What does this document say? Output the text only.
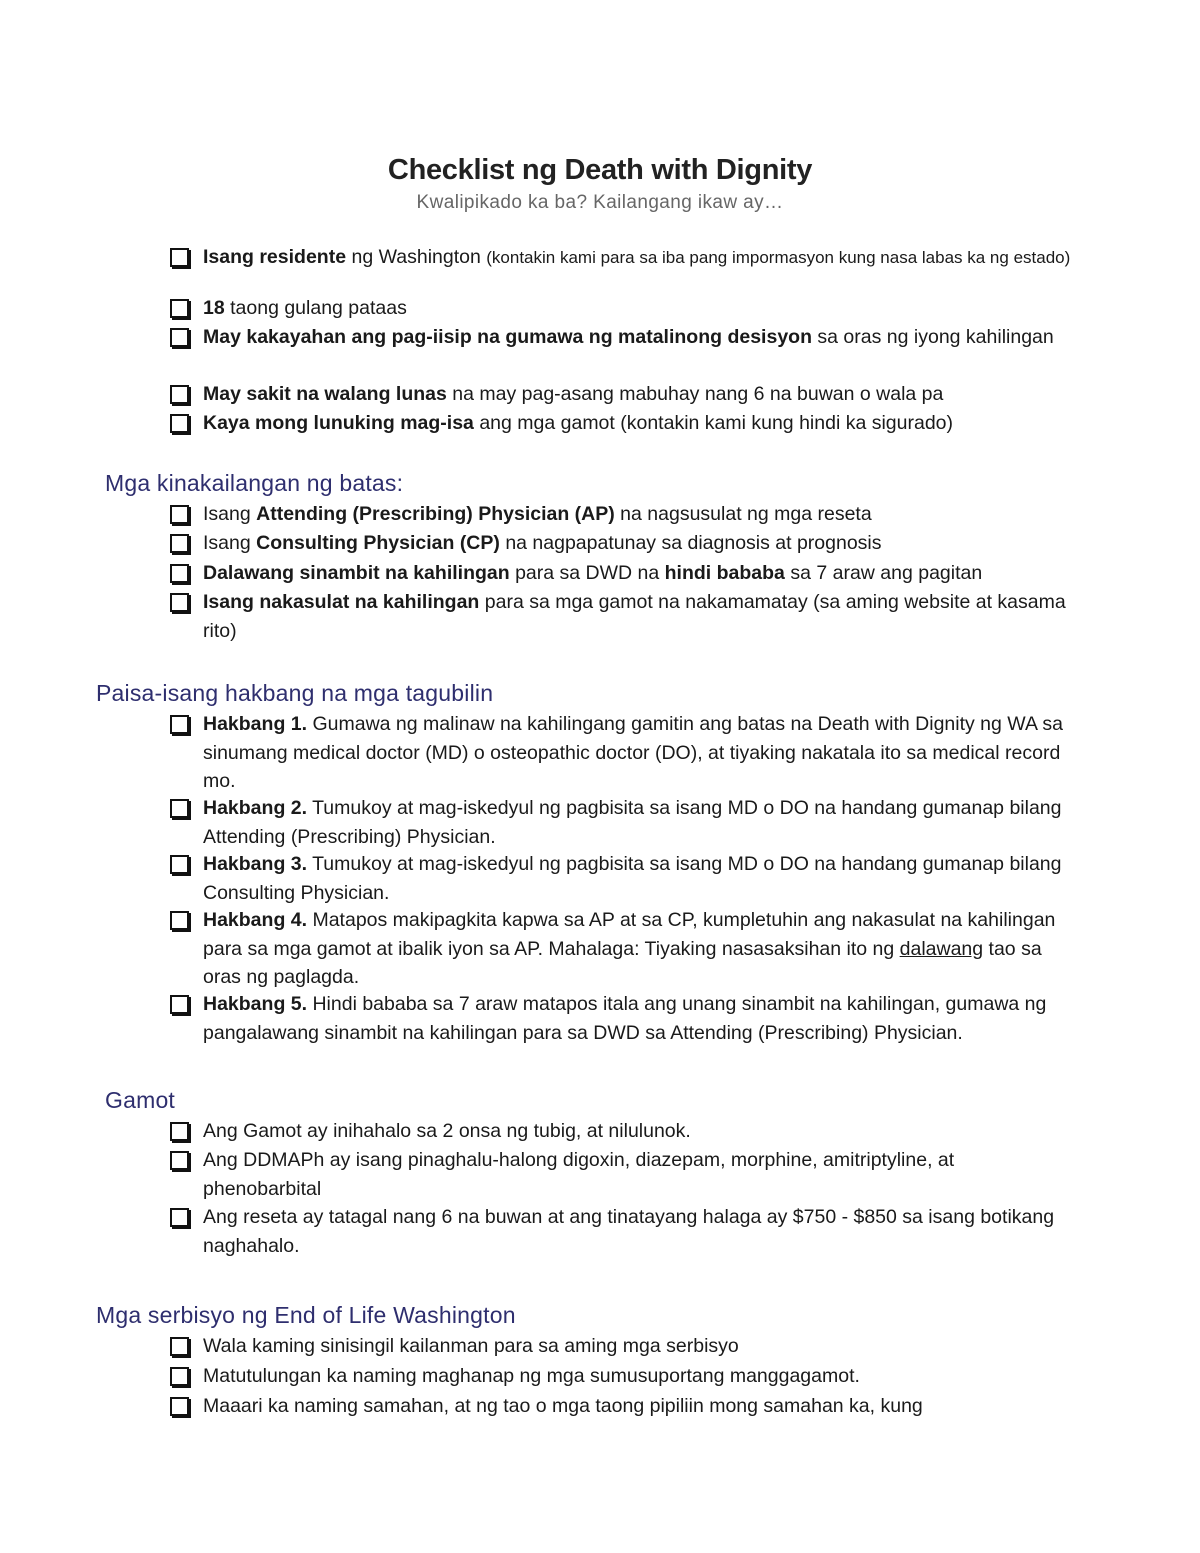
Checklist ng Death with Dignity
Kwalipikado ka ba? Kailangang ikaw ay…
Isang residente ng Washington (kontakin kami para sa iba pang impormasyon kung nasa labas ka ng estado)
18 taong gulang pataas
May kakayahan ang pag-iisip na gumawa ng matalinong desisyon sa oras ng iyong kahilingan
May sakit na walang lunas na may pag-asang mabuhay nang 6 na buwan o wala pa
Kaya mong lunuking mag-isa ang mga gamot (kontakin kami kung hindi ka sigurado)
Mga kinakailangan ng batas:
Isang Attending (Prescribing) Physician (AP) na nagsusulat ng mga reseta
Isang Consulting Physician (CP) na nagpapatunay sa diagnosis at prognosis
Dalawang sinambit na kahilingan para sa DWD na hindi bababa sa 7 araw ang pagitan
Isang nakasulat na kahilingan para sa mga gamot na nakamamatay (sa aming website at kasama rito)
Paisa-isang hakbang na mga tagubilin
Hakbang 1. Gumawa ng malinaw na kahilingang gamitin ang batas na Death with Dignity ng WA sa sinumang medical doctor (MD) o osteopathic doctor (DO), at tiyaking nakatala ito sa medical record mo.
Hakbang 2. Tumukoy at mag-iskedyul ng pagbisita sa isang MD o DO na handang gumanap bilang Attending (Prescribing) Physician.
Hakbang 3. Tumukoy at mag-iskedyul ng pagbisita sa isang MD o DO na handang gumanap bilang Consulting Physician.
Hakbang 4. Matapos makipagkita kapwa sa AP at sa CP, kumpletuhin ang nakasulat na kahilingan para sa mga gamot at ibalik iyon sa AP. Mahalaga: Tiyaking nasasaksihan ito ng dalawang tao sa oras ng paglagda.
Hakbang 5. Hindi bababa sa 7 araw matapos itala ang unang sinambit na kahilingan, gumawa ng pangalawang sinambit na kahilingan para sa DWD sa Attending (Prescribing) Physician.
Gamot
Ang Gamot ay inihahalo sa 2 onsa ng tubig, at nilulunok.
Ang DDMAPh ay isang pinaghalu-halong digoxin, diazepam, morphine, amitriptyline, at phenobarbital
Ang reseta ay tatagal nang 6 na buwan at ang tinatayang halaga ay $750 - $850 sa isang botikang naghahalo.
Mga serbisyo ng End of Life Washington
Wala kaming sinisingil kailanman para sa aming mga serbisyo
Matutulungan ka naming maghanap ng mga sumusuportang manggagamot.
Maaari ka naming samahan, at ng tao o mga taong pipiliin mong samahan ka, kung
